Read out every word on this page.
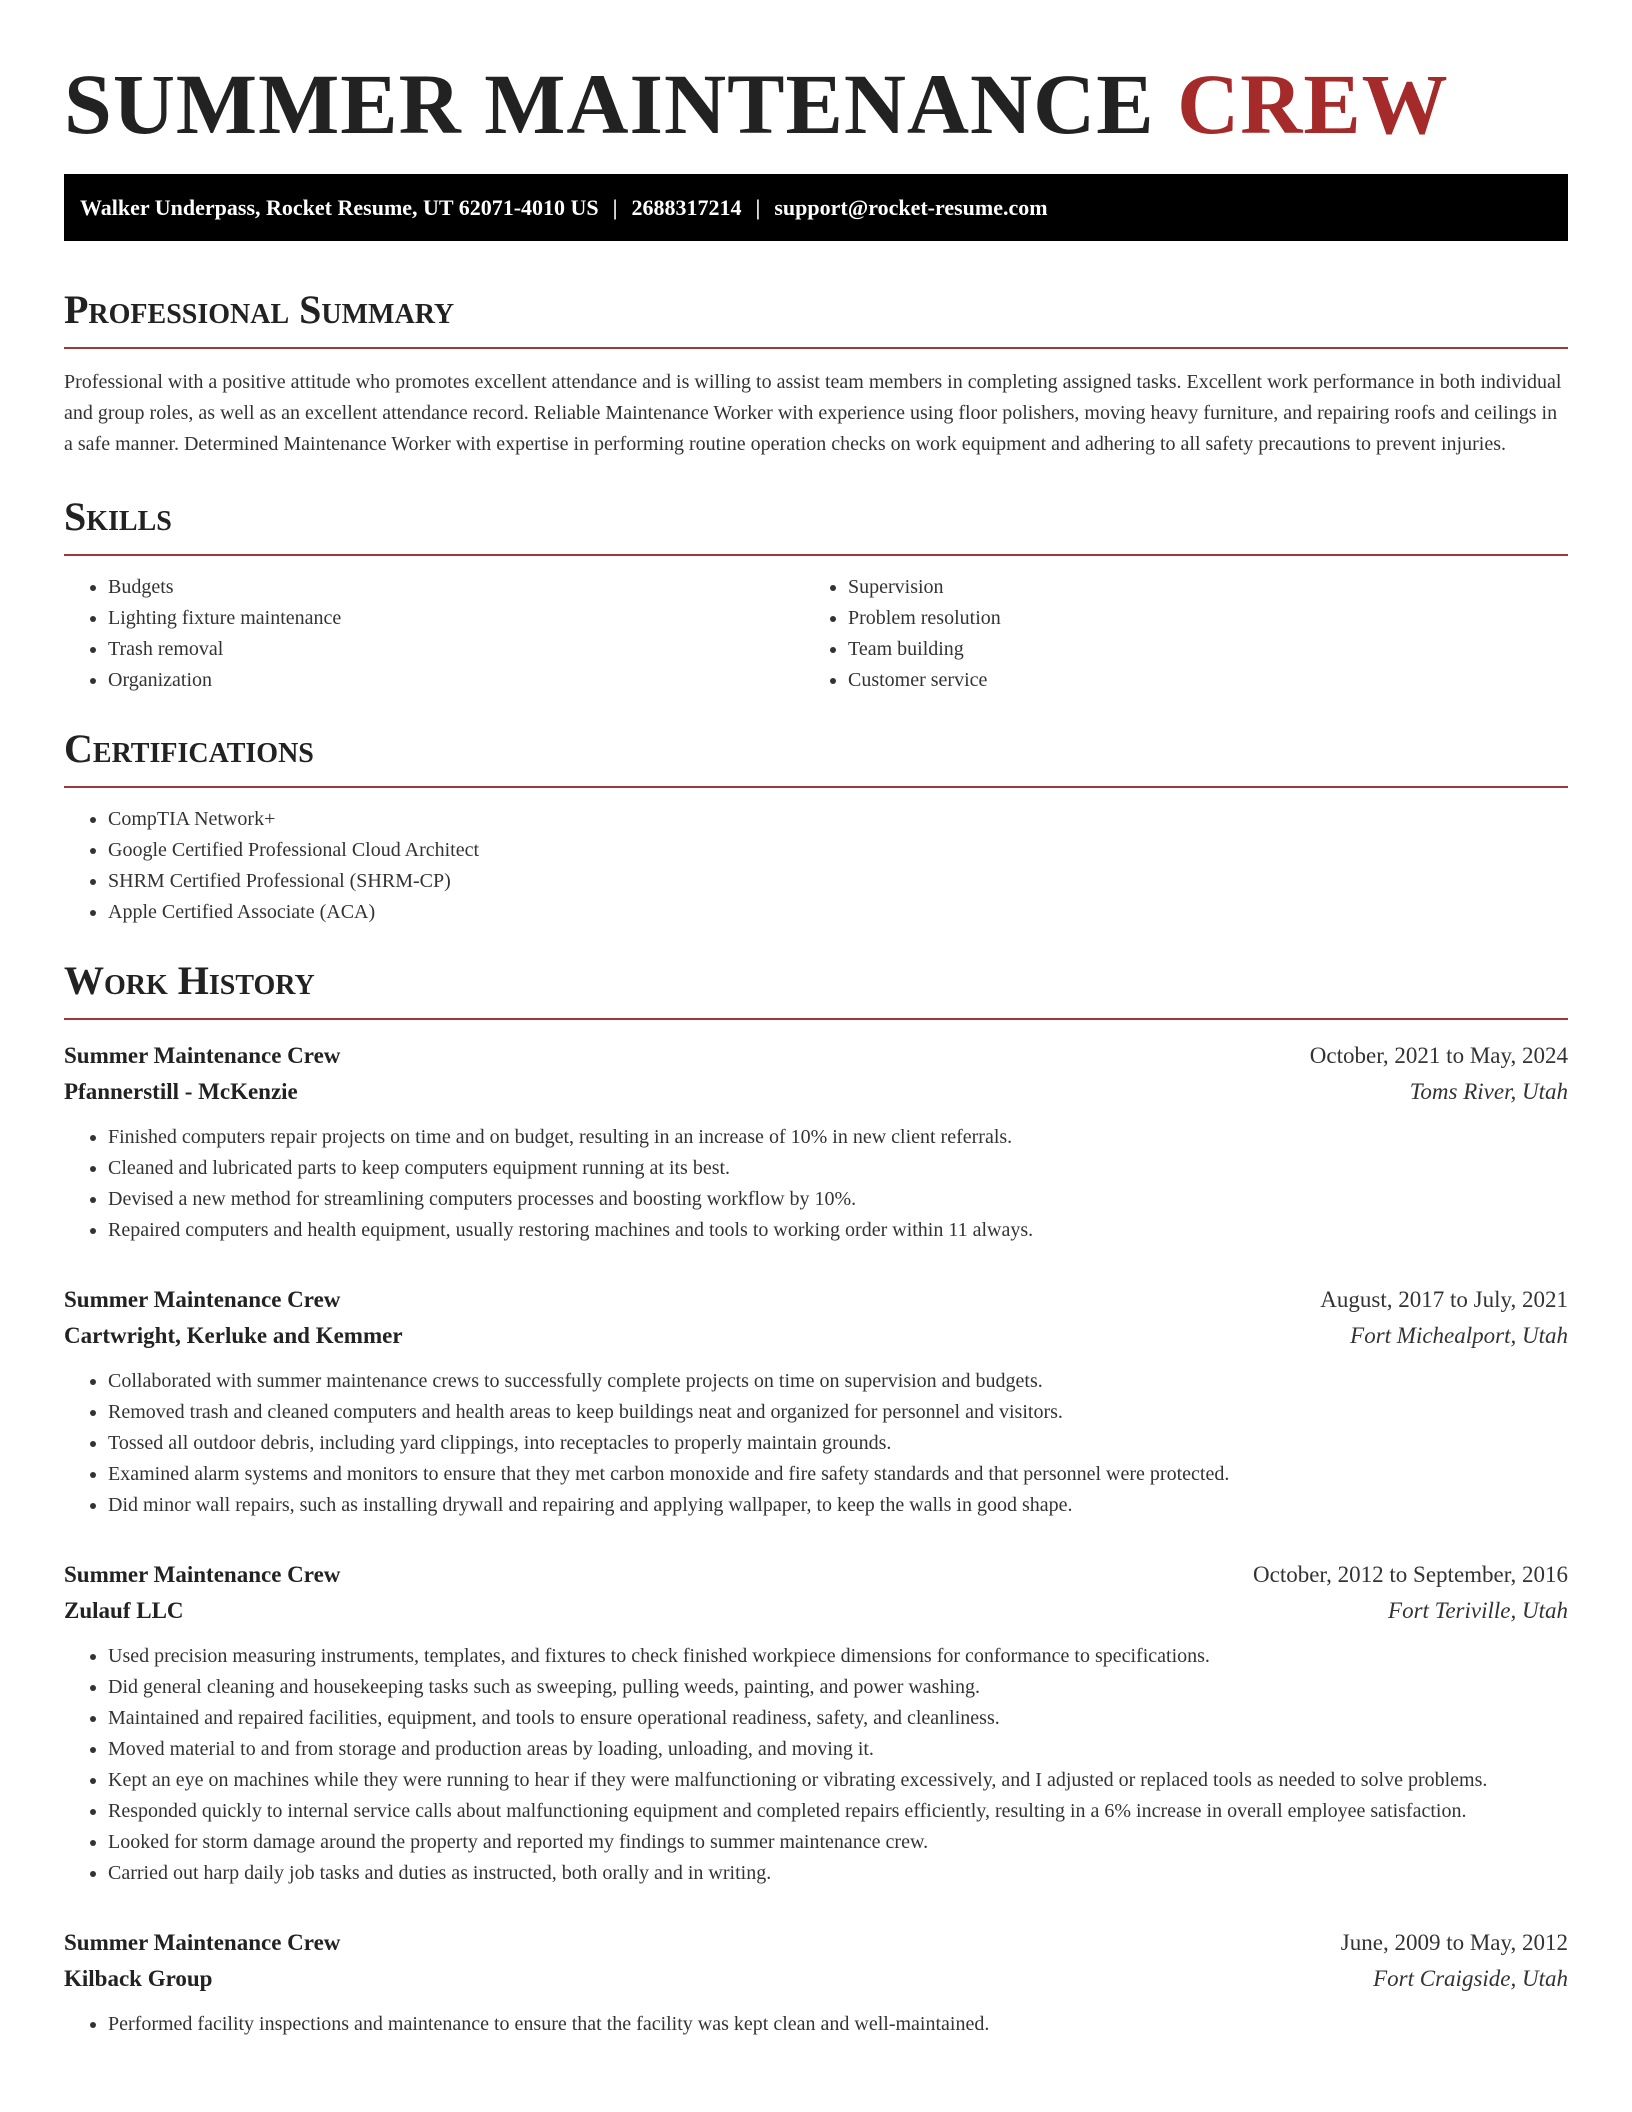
SUMMER MAINTENANCE CREW
Walker Underpass, Rocket Resume, UT 62071-4010 US | 2688317214 | support@rocket-resume.com
Professional Summary

Professional with a positive attitude who promotes excellent attendance and is willing to assist team members in completing assigned tasks. Excellent work performance in both individual and group roles, as well as an excellent attendance record. Reliable Maintenance Worker with experience using floor polishers, moving heavy furniture, and repairing roofs and ceilings in a safe manner. Determined Maintenance Worker with expertise in performing routine operation checks on work equipment and adhering to all safety precautions to prevent injuries.

Skills
• Budgets
• Lighting fixture maintenance
• Trash removal
• Organization
• Supervision
• Problem resolution
• Team building
• Customer service
Certifications
• CompTIA Network+
• Google Certified Professional Cloud Architect
• SHRM Certified Professional (SHRM-CP)
• Apple Certified Associate (ACA)
Work History
Summer Maintenance Crew	October, 2021 to May, 2024
Pfannerstill - McKenzie	Toms River, Utah
• Finished computers repair projects on time and on budget, resulting in an increase of 10% in new client referrals.
• Cleaned and lubricated parts to keep computers equipment running at its best.
• Devised a new method for streamlining computers processes and boosting workflow by 10%.
• Repaired computers and health equipment, usually restoring machines and tools to working order within 11 always.
Summer Maintenance Crew	August, 2017 to July, 2021
Cartwright, Kerluke and Kemmer	Fort Michealport, Utah
• Collaborated with summer maintenance crews to successfully complete projects on time on supervision and budgets.
• Removed trash and cleaned computers and health areas to keep buildings neat and organized for personnel and visitors.
• Tossed all outdoor debris, including yard clippings, into receptacles to properly maintain grounds.
• Examined alarm systems and monitors to ensure that they met carbon monoxide and fire safety standards and that personnel were protected.
• Did minor wall repairs, such as installing drywall and repairing and applying wallpaper, to keep the walls in good shape.
Summer Maintenance Crew	October, 2012 to September, 2016
Zulauf LLC	Fort Teriville, Utah
• Used precision measuring instruments, templates, and fixtures to check finished workpiece dimensions for conformance to specifications.
• Did general cleaning and housekeeping tasks such as sweeping, pulling weeds, painting, and power washing.
• Maintained and repaired facilities, equipment, and tools to ensure operational readiness, safety, and cleanliness.
• Moved material to and from storage and production areas by loading, unloading, and moving it.
• Kept an eye on machines while they were running to hear if they were malfunctioning or vibrating excessively, and I adjusted or replaced tools as needed to solve problems.
• Responded quickly to internal service calls about malfunctioning equipment and completed repairs efficiently, resulting in a 6% increase in overall employee satisfaction.
• Looked for storm damage around the property and reported my findings to summer maintenance crew.
• Carried out harp daily job tasks and duties as instructed, both orally and in writing.
Summer Maintenance Crew	June, 2009 to May, 2012
Kilback Group	Fort Craigside, Utah
• Performed facility inspections and maintenance to ensure that the facility was kept clean and well-maintained.
